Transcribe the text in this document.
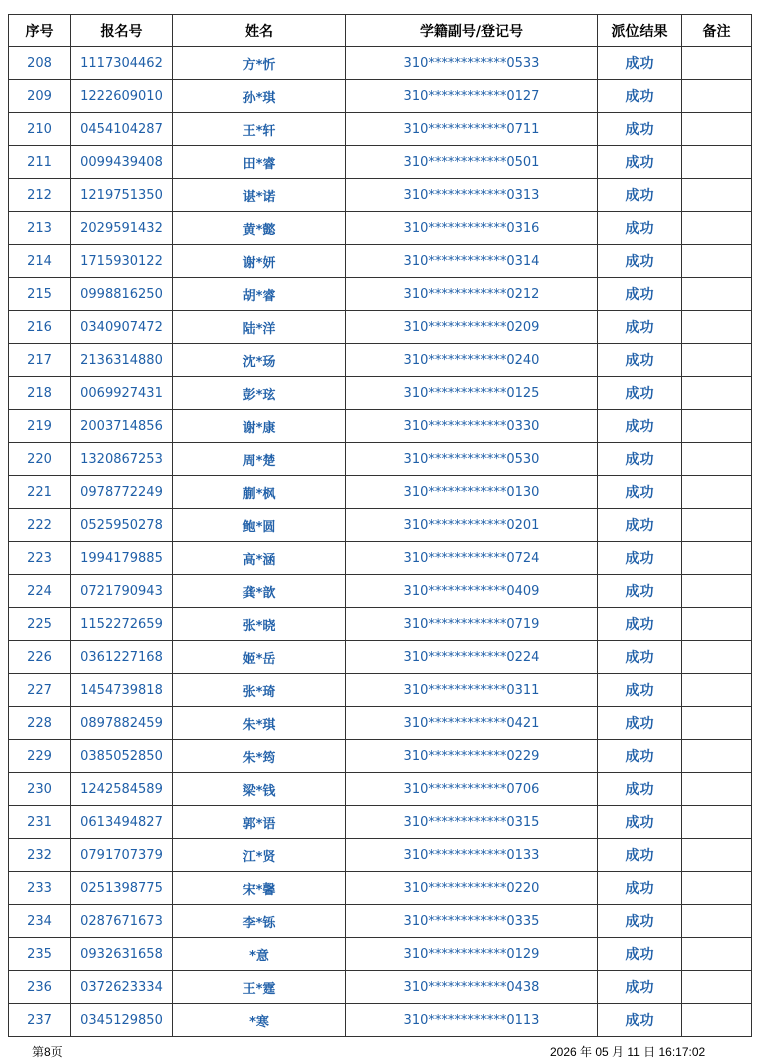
序号	报名号	姓名	学籍副号/登记号	派位结果	备注
208	1117304462	方*忻	310************0533	成功	
209	1222609010	孙*琪	310************0127	成功	
210	0454104287	王*轩	310************0711	成功	
211	0099439408	田*睿	310************0501	成功	
212	1219751350	谌*诺	310************0313	成功	
213	2029591432	黄*懿	310************0316	成功	
214	1715930122	谢*妍	310************0314	成功	
215	0998816250	胡*睿	310************0212	成功	
216	0340907472	陆*洋	310************0209	成功	
217	2136314880	沈*玚	310************0240	成功	
218	0069927431	彭*玹	310************0125	成功	
219	2003714856	谢*康	310************0330	成功	
220	1320867253	周*楚	310************0530	成功	
221	0978772249	蒯*枫	310************0130	成功	
222	0525950278	鲍*圆	310************0201	成功	
223	1994179885	高*涵	310************0724	成功	
224	0721790943	龚*歆	310************0409	成功	
225	1152272659	张*晓	310************0719	成功	
226	0361227168	姬*岳	310************0224	成功	
227	1454739818	张*琦	310************0311	成功	
228	0897882459	朱*琪	310************0421	成功	
229	0385052850	朱*筠	310************0229	成功	
230	1242584589	梁*钱	310************0706	成功	
231	0613494827	郭*语	310************0315	成功	
232	0791707379	江*贤	310************0133	成功	
233	0251398775	宋*馨	310************0220	成功	
234	0287671673	李*铄	310************0335	成功	
235	0932631658	*意	310************0129	成功	
236	0372623334	王*霆	310************0438	成功	
237	0345129850	*寒	310************0113	成功	
第8页	2026 年 05 月 11 日 16:17:02
